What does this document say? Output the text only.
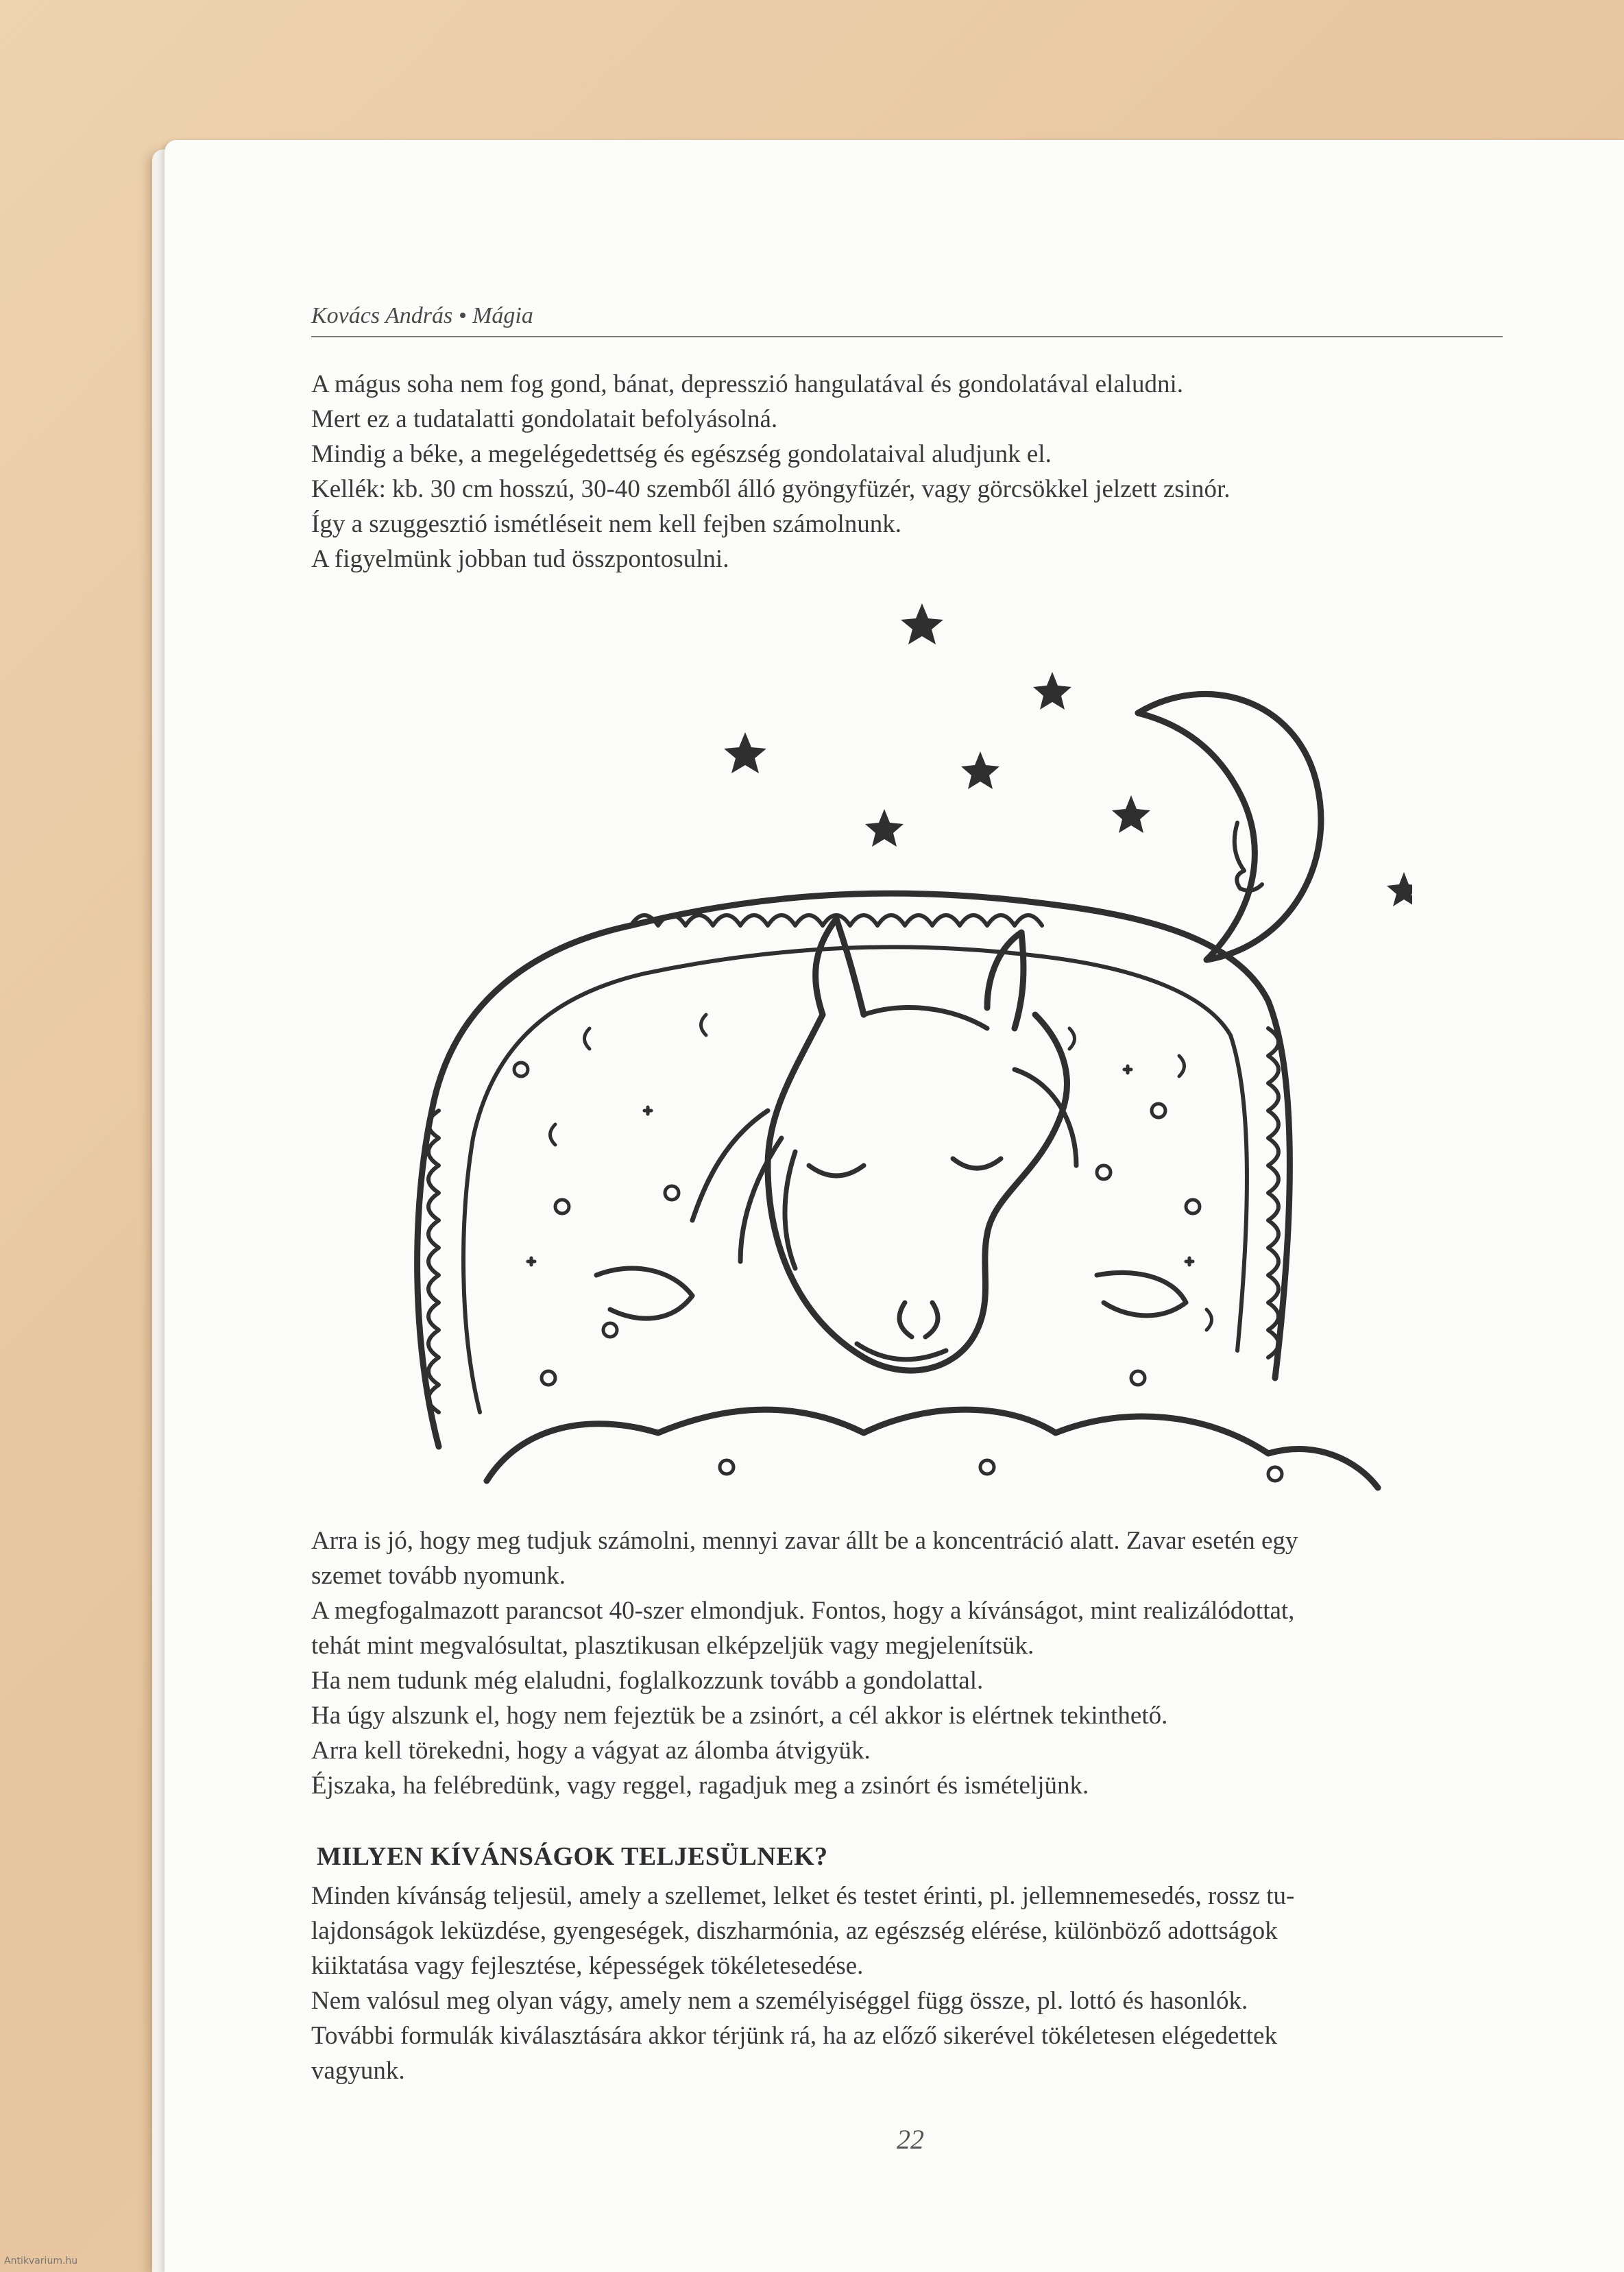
Kovács András • Mágia
A mágus soha nem fog gond, bánat, depresszió hangulatával és gondolatával elaludni.
Mert ez a tudatalatti gondolatait befolyásolná.
Mindig a béke, a megelégedettség és egészség gondolataival aludjunk el.
Kellék: kb. 30 cm hosszú, 30-40 szemből álló gyöngyfüzér, vagy görcsökkel jelzett zsinór.
Így a szuggesztió ismétléseit nem kell fejben számolnunk.
A figyelmünk jobban tud összpontosulni.
Arra is jó, hogy meg tudjuk számolni, mennyi zavar állt be a koncentráció alatt. Zavar esetén egy
szemet tovább nyomunk.
A megfogalmazott parancsot 40-szer elmondjuk. Fontos, hogy a kívánságot, mint realizálódottat,
tehát mint megvalósultat, plasztikusan elképzeljük vagy megjelenítsük.
Ha nem tudunk még elaludni, foglalkozzunk tovább a gondolattal.
Ha úgy alszunk el, hogy nem fejeztük be a zsinórt, a cél akkor is elértnek tekinthető.
Arra kell törekedni, hogy a vágyat az álomba átvigyük.
Éjszaka, ha felébredünk, vagy reggel, ragadjuk meg a zsinórt és ismételjünk.
MILYEN KÍVÁNSÁGOK TELJESÜLNEK?
Minden kívánság teljesül, amely a szellemet, lelket és testet érinti, pl. jellemnemesedés, rossz tu-
lajdonságok leküzdése, gyengeségek, diszharmónia, az egészség elérése, különböző adottságok
kiiktatása vagy fejlesztése, képességek tökéletesedése.
Nem valósul meg olyan vágy, amely nem a személyiséggel függ össze, pl. lottó és hasonlók.
További formulák kiválasztására akkor térjünk rá, ha az előző sikerével tökéletesen elégedettek
vagyunk.
22
Antikvarium.hu
